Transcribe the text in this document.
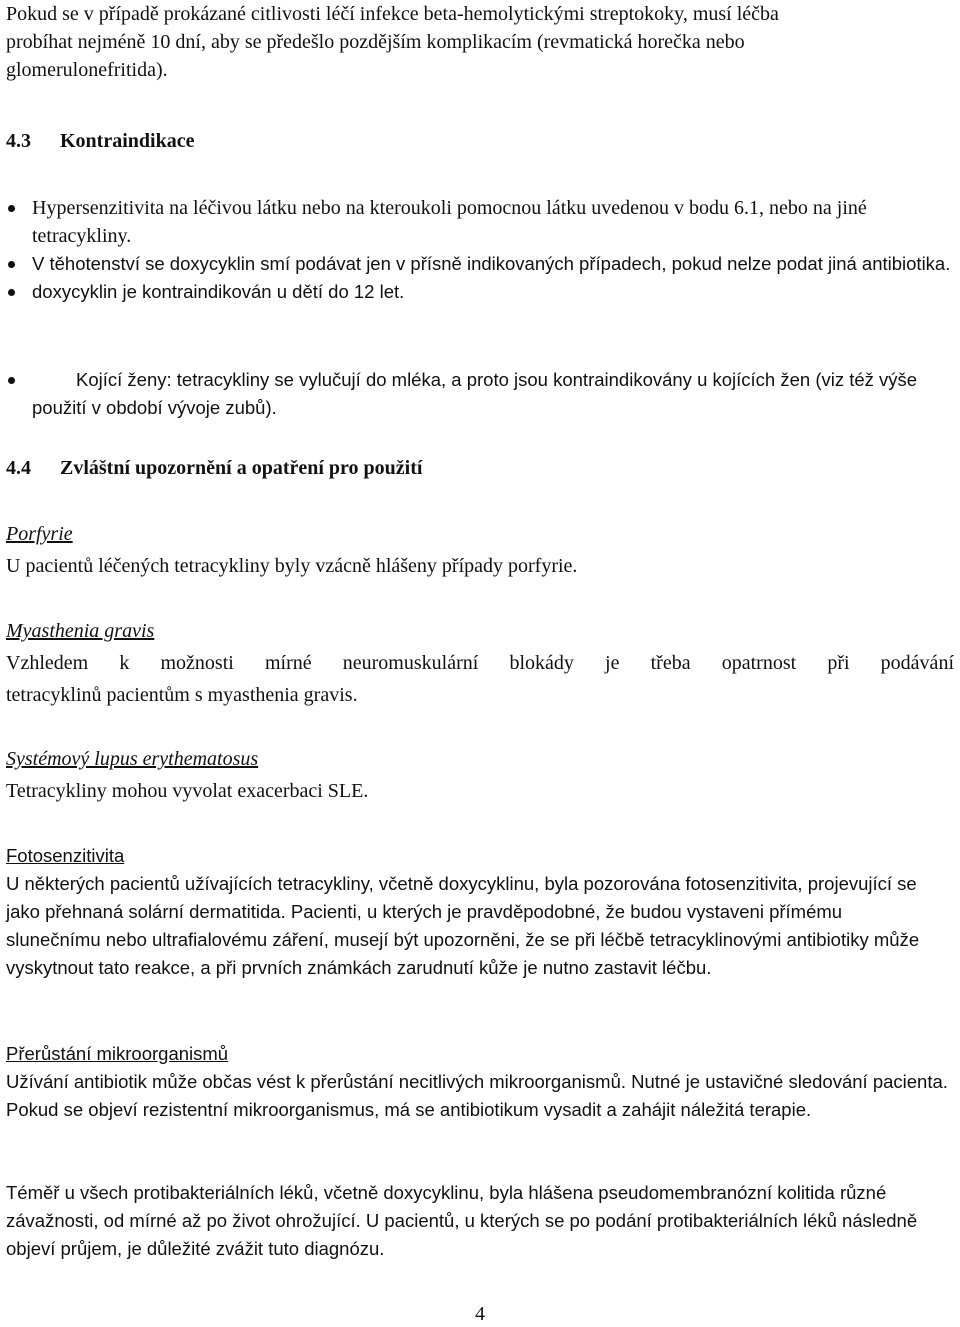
Pokud se v případě prokázané citlivosti léčí infekce beta-hemolytickými streptokoky, musí léčba

probíhat nejméně 10 dní, aby se předešlo pozdějším komplikacím (revmatická horečka nebo

glomerulonefritida).

4.3 Kontraindikace
Hypersenzitivita na léčivou látku nebo na kteroukoli pomocnou látku uvedenou v bodu 6.1, nebo na jiné tetracykliny.
V těhotenství se doxycyklin smí podávat jen v přísně indikovaných případech, pokud nelze podat jiná antibiotika.
doxycyklin je kontraindikován u dětí do 12 let.
Kojící ženy: tetracykliny se vylučují do mléka, a proto jsou kontraindikovány u kojících žen (viz též výše použití v období vývoje zubů).
4.4 Zvláštní upozornění a opatření pro použití

Porfyrie

U pacientů léčených tetracykliny byly vzácně hlášeny případy porfyrie.

Myasthenia gravis

Vzhledem k možnosti mírné neuromuskulární blokády je třeba opatrnost při podávání

tetracyklinů pacientům s myasthenia gravis.

Systémový lupus erythematosus

Tetracykliny mohou vyvolat exacerbaci SLE.

Fotosenzitivita

U některých pacientů užívajících tetracykliny, včetně doxycyklinu, byla pozorována fotosenzitivita, projevující se jako přehnaná solární dermatitida. Pacienti, u kterých je pravděpodobné, že budou vystaveni přímému slunečnímu nebo ultrafialovému záření, musejí být upozorněni, že se při léčbě tetracyklinovými antibiotiky může vyskytnout tato reakce, a při prvních známkách zarudnutí kůže je nutno zastavit léčbu.

Přerůstání mikroorganismů

Užívání antibiotik může občas vést k přerůstání necitlivých mikroorganismů. Nutné je ustavičné sledování pacienta. Pokud se objeví rezistentní mikroorganismus, má se antibiotikum vysadit a zahájit náležitá terapie.

Téměř u všech protibakteriálních léků, včetně doxycyklinu, byla hlášena pseudomembranózní kolitida různé závažnosti, od mírné až po život ohrožující. U pacientů, u kterých se po podání protibakteriálních léků následně objeví průjem, je důležité zvážit tuto diagnózu.

4
